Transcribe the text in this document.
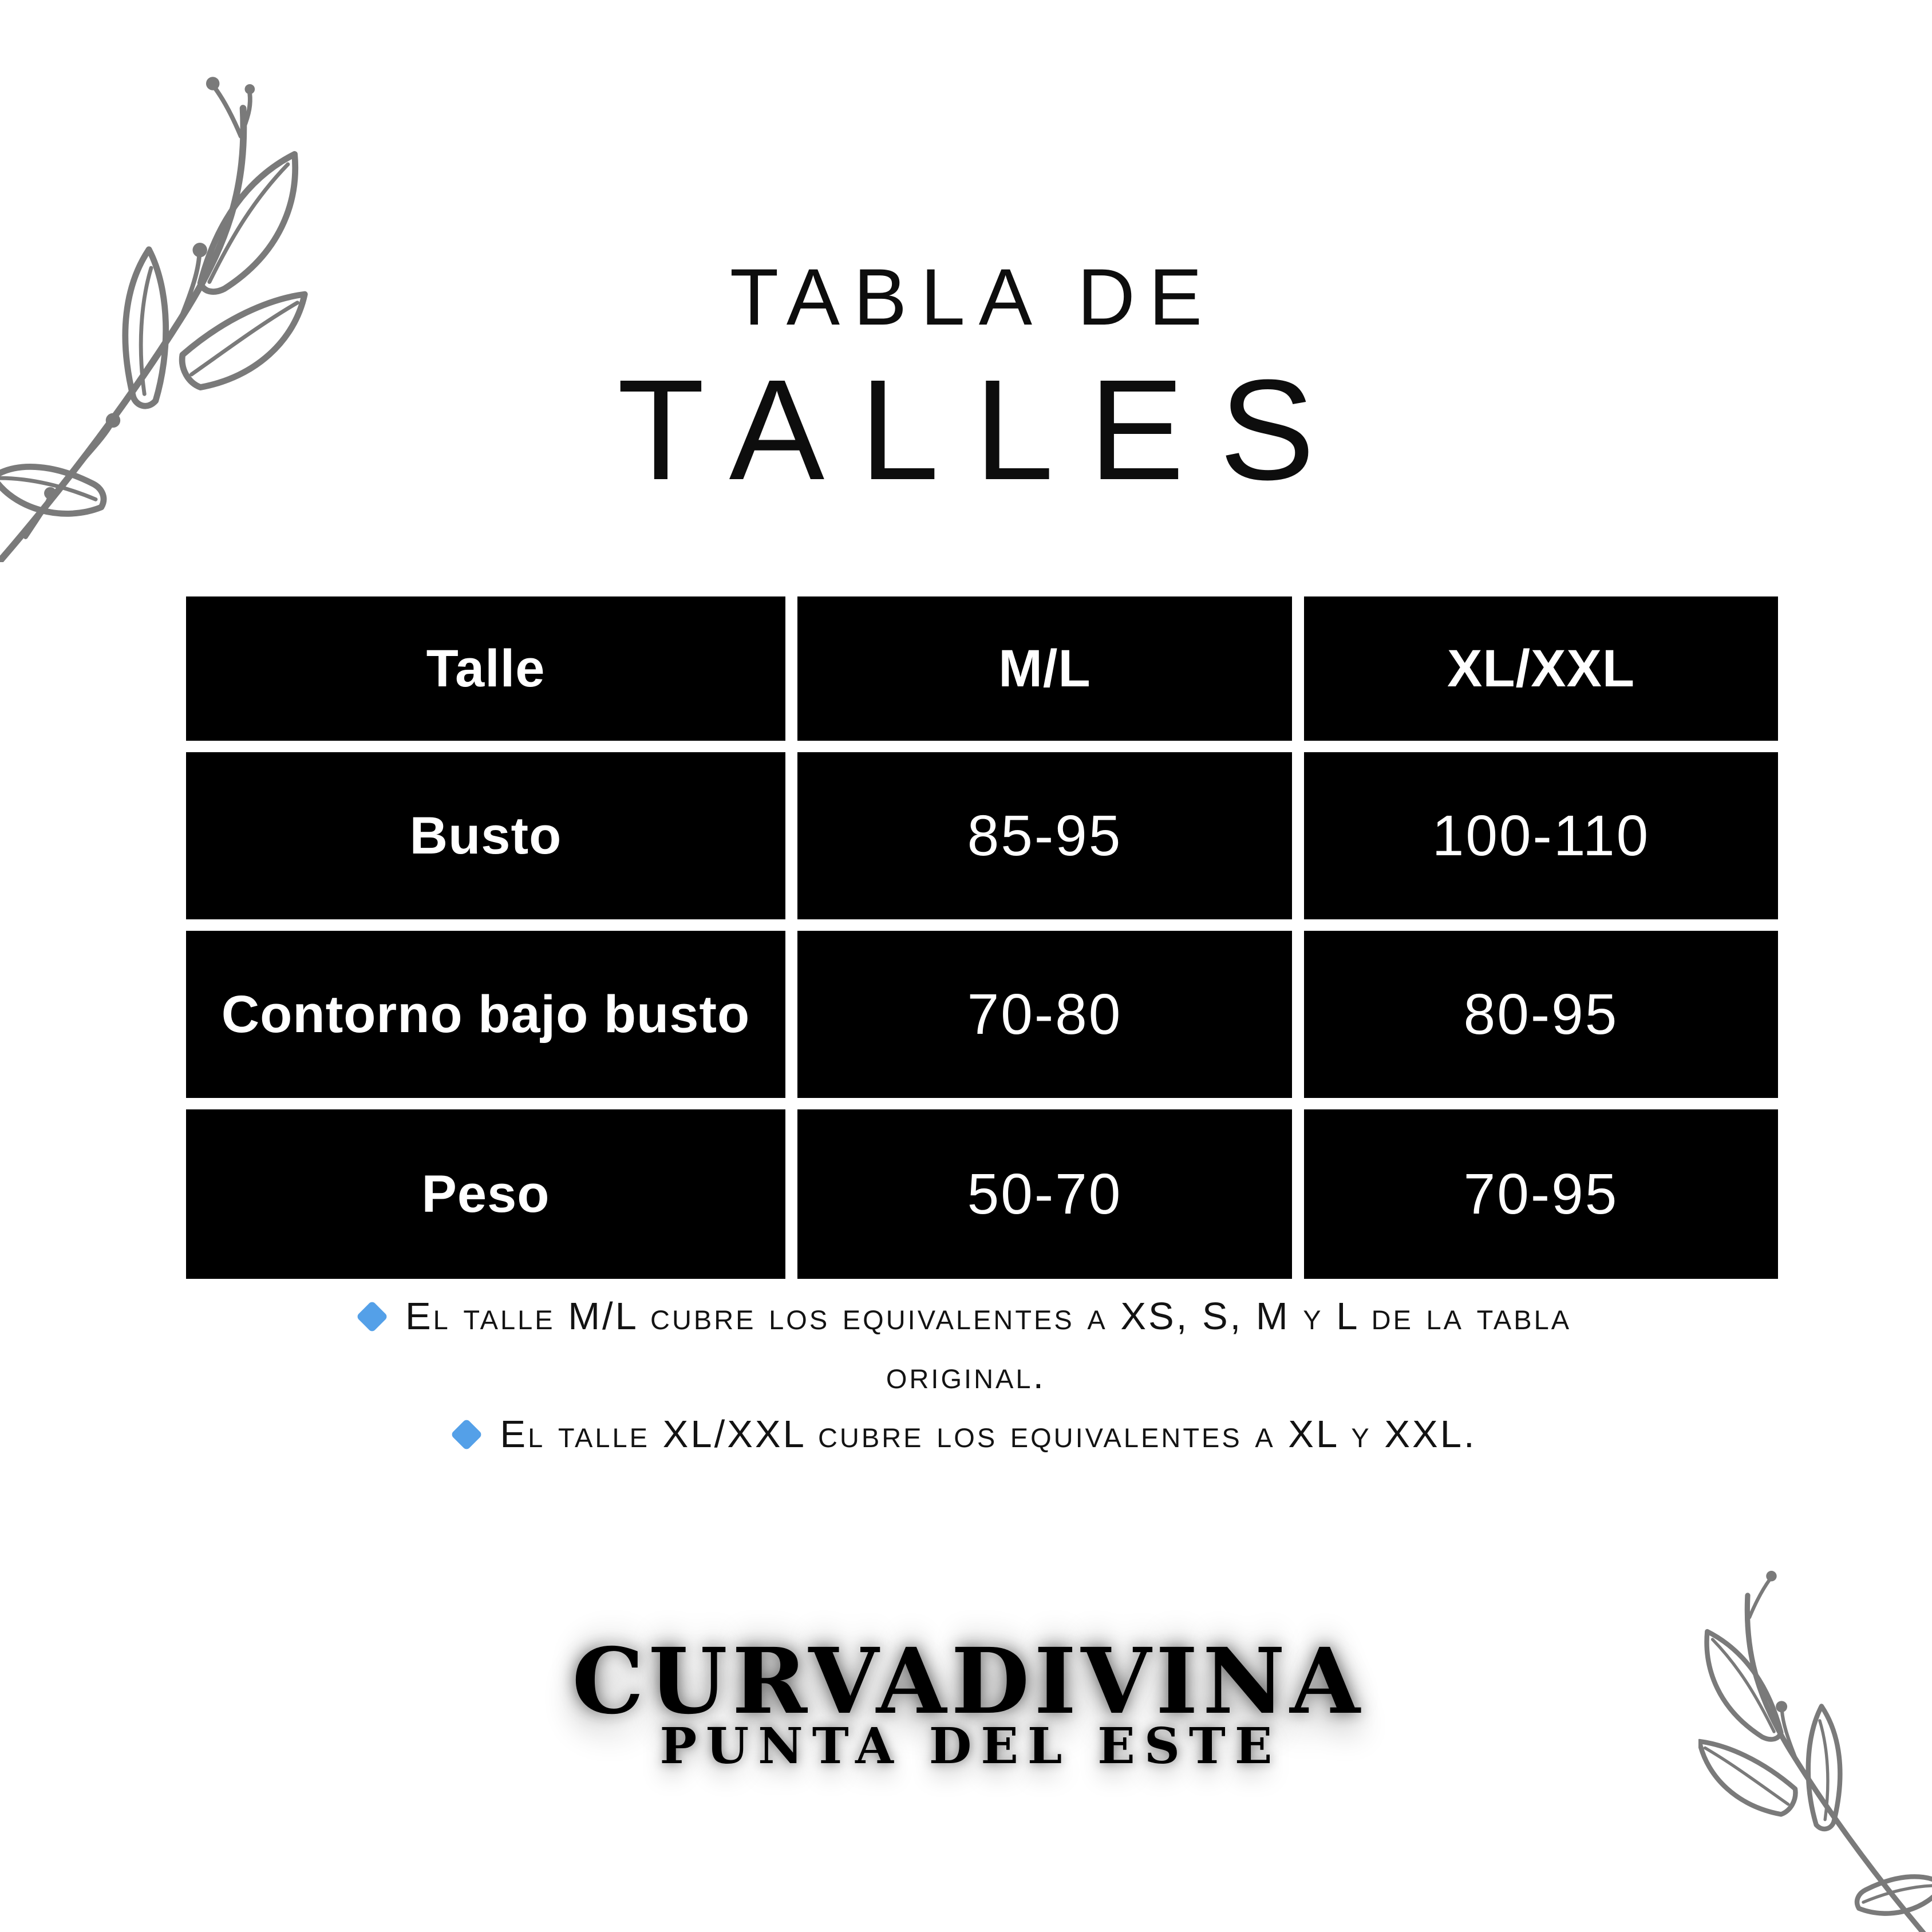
TABLA DE
TALLES
Talle	M/L	XL/XXL
Busto	85-95	100-110
Contorno bajo busto	70-80	80-95
Peso	50-70	70-95
El talle M/L cubre los equivalentes a XS, S, M y L de la tabla
original.
El talle XL/XXL cubre los equivalentes a XL y XXL.
CURVADIVINA
PUNTA DEL ESTE
